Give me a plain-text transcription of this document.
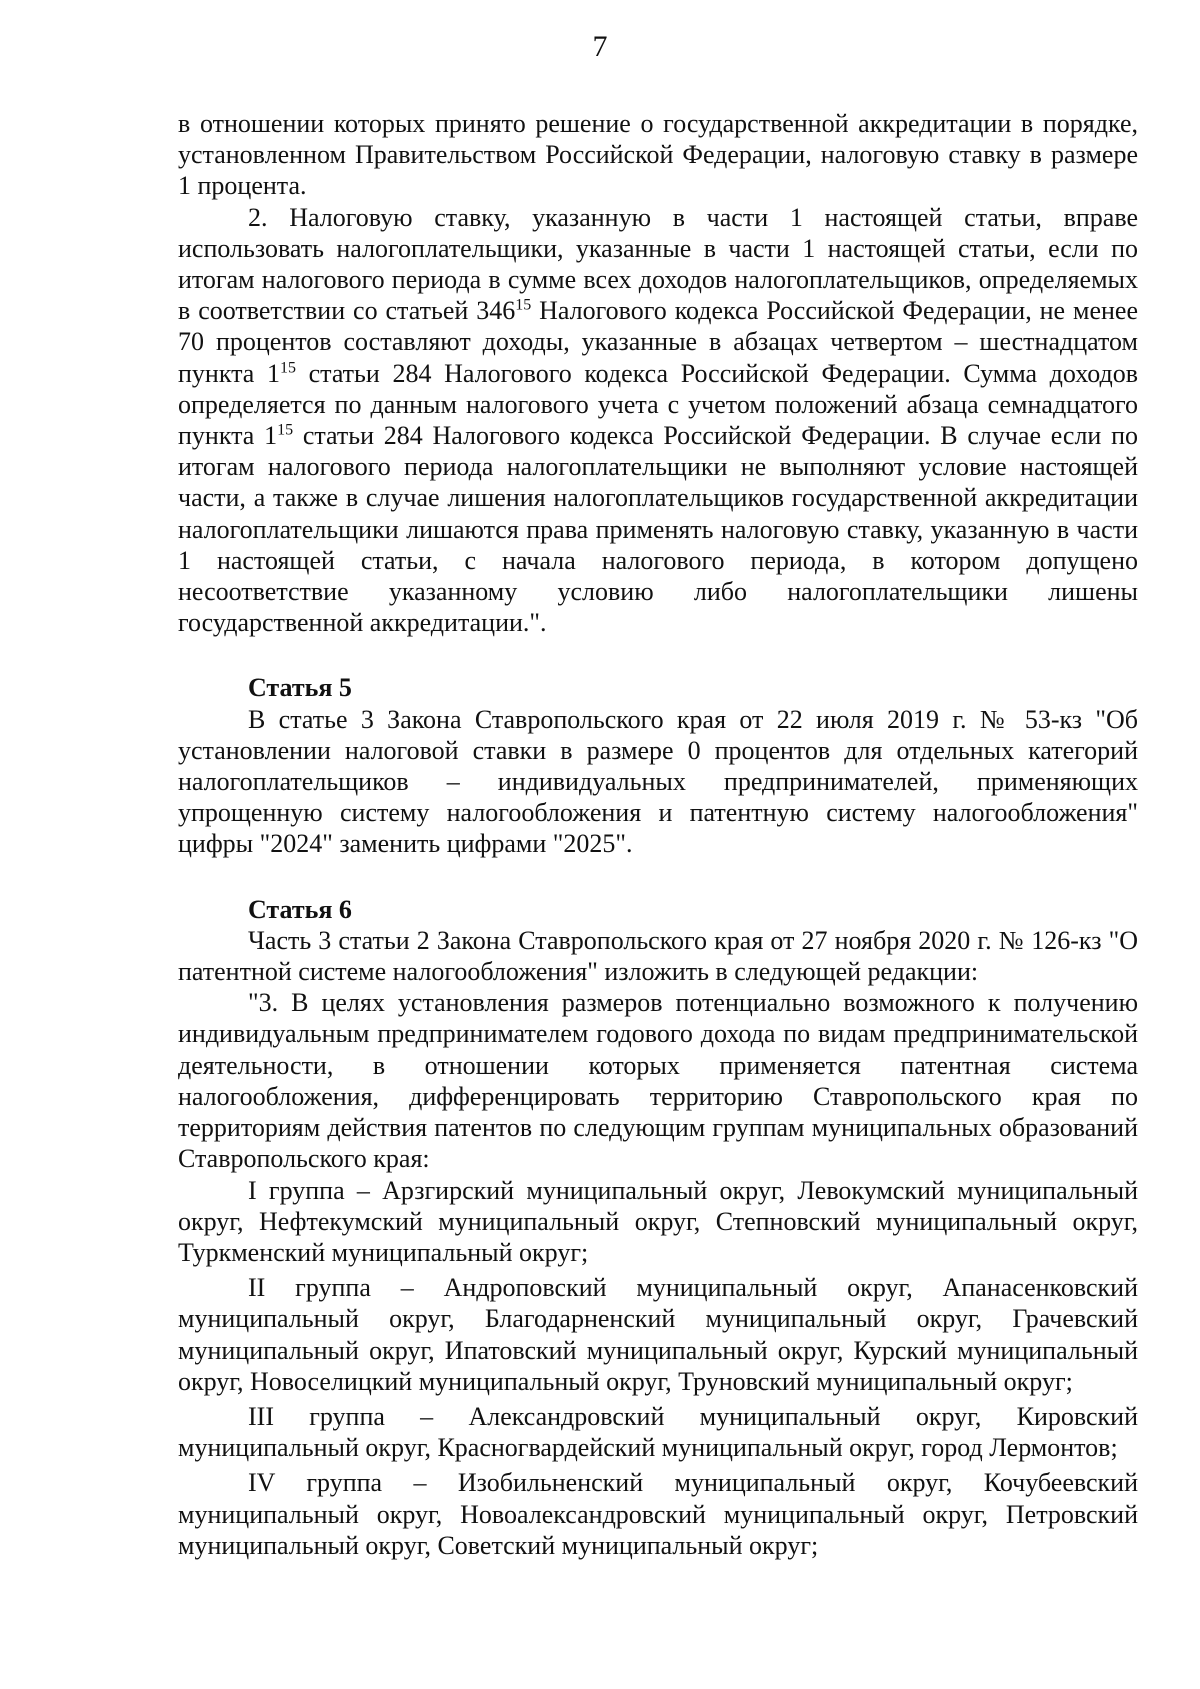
7

в отношении которых принято решение о государственной аккредитации в порядке, установленном Правительством Российской Федерации, налоговую ставку в размере 1 процента.

2. Налоговую ставку, указанную в части 1 настоящей статьи, вправе использовать налогоплательщики, указанные в части 1 настоящей статьи, если по итогам налогового периода в сумме всех доходов налогоплательщиков, определяемых в соответствии со статьей $346^{15}$ Налогового кодекса Российской Федерации, не менее 70 процентов составляют доходы, указанные в абзацах четвертом – шестнадцатом пункта $1^{15}$ статьи 284 Налогового кодекса Российской Федерации. Сумма доходов определяется по данным налогового учета с учетом положений абзаца семнадцатого пункта $1^{15}$ статьи 284 Налогового кодекса Российской Федерации. В случае если по итогам налогового периода налогоплательщики не выполняют условие настоящей части, а также в случае лишения налогоплательщиков государственной аккредитации налогоплательщики лишаются права применять налоговую ставку, указанную в части 1 настоящей статьи, с начала налогового периода, в котором допущено несоответствие указанному условию либо налогоплательщики лишены государственной аккредитации.".

Статья 5

В статье 3 Закона Ставропольского края от 22 июля 2019 г. № 53-кз "Об установлении налоговой ставки в размере 0 процентов для отдельных категорий налогоплательщиков – индивидуальных предпринимателей, применяющих упрощенную систему налогообложения и патентную систему налогообложения" цифры "2024" заменить цифрами "2025".

Статья 6

Часть 3 статьи 2 Закона Ставропольского края от 27 ноября 2020 г. № 126-кз "О патентной системе налогообложения" изложить в следующей редакции:

"3. В целях установления размеров потенциально возможного к получению индивидуальным предпринимателем годового дохода по видам предпринимательской деятельности, в отношении которых применяется патентная система налогообложения, дифференцировать территорию Ставропольского края по территориям действия патентов по следующим группам муниципальных образований Ставропольского края:

I группа – Арзгирский муниципальный округ, Левокумский муниципальный округ, Нефтекумский муниципальный округ, Степновский муниципальный округ, Туркменский муниципальный округ;

II группа – Андроповский муниципальный округ, Апанасенковский муниципальный округ, Благодарненский муниципальный округ, Грачевский муниципальный округ, Ипатовский муниципальный округ, Курский муниципальный округ, Новоселицкий муниципальный округ, Труновский муниципальный округ;

III группа – Александровский муниципальный округ, Кировский муниципальный округ, Красногвардейский муниципальный округ, город Лермонтов;

IV группа – Изобильненский муниципальный округ, Кочубеевский муниципальный округ, Новоалександровский муниципальный округ, Петровский муниципальный округ, Советский муниципальный округ;
